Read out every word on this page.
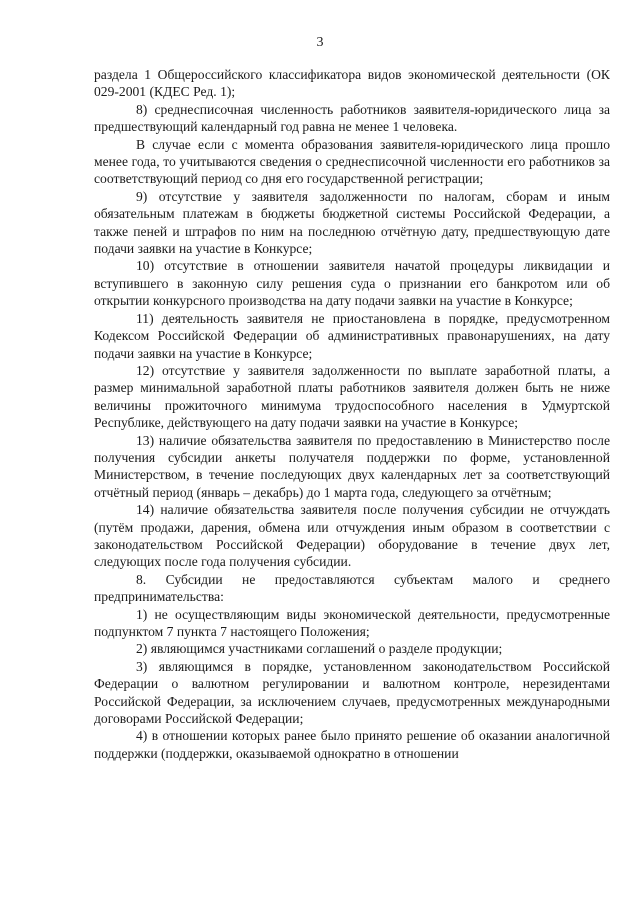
3

раздела 1 Общероссийского классификатора видов экономической деятельности (ОК 029-2001 (КДЕС Ред. 1);

8) среднесписочная численность работников заявителя-юридического лица за предшествующий календарный год равна не менее 1 человека.

В случае если с момента образования заявителя-юридического лица прошло менее года, то учитываются сведения о среднесписочной численности его работников за соответствующий период со дня его государственной регистрации;

9) отсутствие у заявителя задолженности по налогам, сборам и иным обязательным платежам в бюджеты бюджетной системы Российской Федерации, а также пеней и штрафов по ним на последнюю отчётную дату, предшествующую дате подачи заявки на участие в Конкурсе;

10) отсутствие в отношении заявителя начатой процедуры ликвидации и вступившего в законную силу решения суда о признании его банкротом или об открытии конкурсного производства на дату подачи заявки на участие в Конкурсе;

11) деятельность заявителя не приостановлена в порядке, предусмотренном Кодексом Российской Федерации об административных правонарушениях, на дату подачи заявки на участие в Конкурсе;

12) отсутствие у заявителя задолженности по выплате заработной платы, а размер минимальной заработной платы работников заявителя должен быть не ниже величины прожиточного минимума трудоспособного населения в Удмуртской Республике, действующего на дату подачи заявки на участие в Конкурсе;

13) наличие обязательства заявителя по предоставлению в Министерство после получения субсидии анкеты получателя поддержки по форме, установленной Министерством, в течение последующих двух календарных лет за соответствующий отчётный период (январь – декабрь) до 1 марта года, следующего за отчётным;

14) наличие обязательства заявителя после получения субсидии не отчуждать (путём продажи, дарения, обмена или отчуждения иным образом в соответствии с законодательством Российской Федерации) оборудование в течение двух лет, следующих после года получения субсидии.

8. Субсидии не предоставляются субъектам малого и среднего предпринимательства:

1) не осуществляющим виды экономической деятельности, предусмотренные подпунктом 7 пункта 7 настоящего Положения;

2) являющимся участниками соглашений о разделе продукции;

3) являющимся в порядке, установленном законодательством Российской Федерации о валютном регулировании и валютном контроле, нерезидентами Российской Федерации, за исключением случаев, предусмотренных международными договорами Российской Федерации;

4) в отношении которых ранее было принято решение об оказании аналогичной поддержки (поддержки, оказываемой однократно в отношении
